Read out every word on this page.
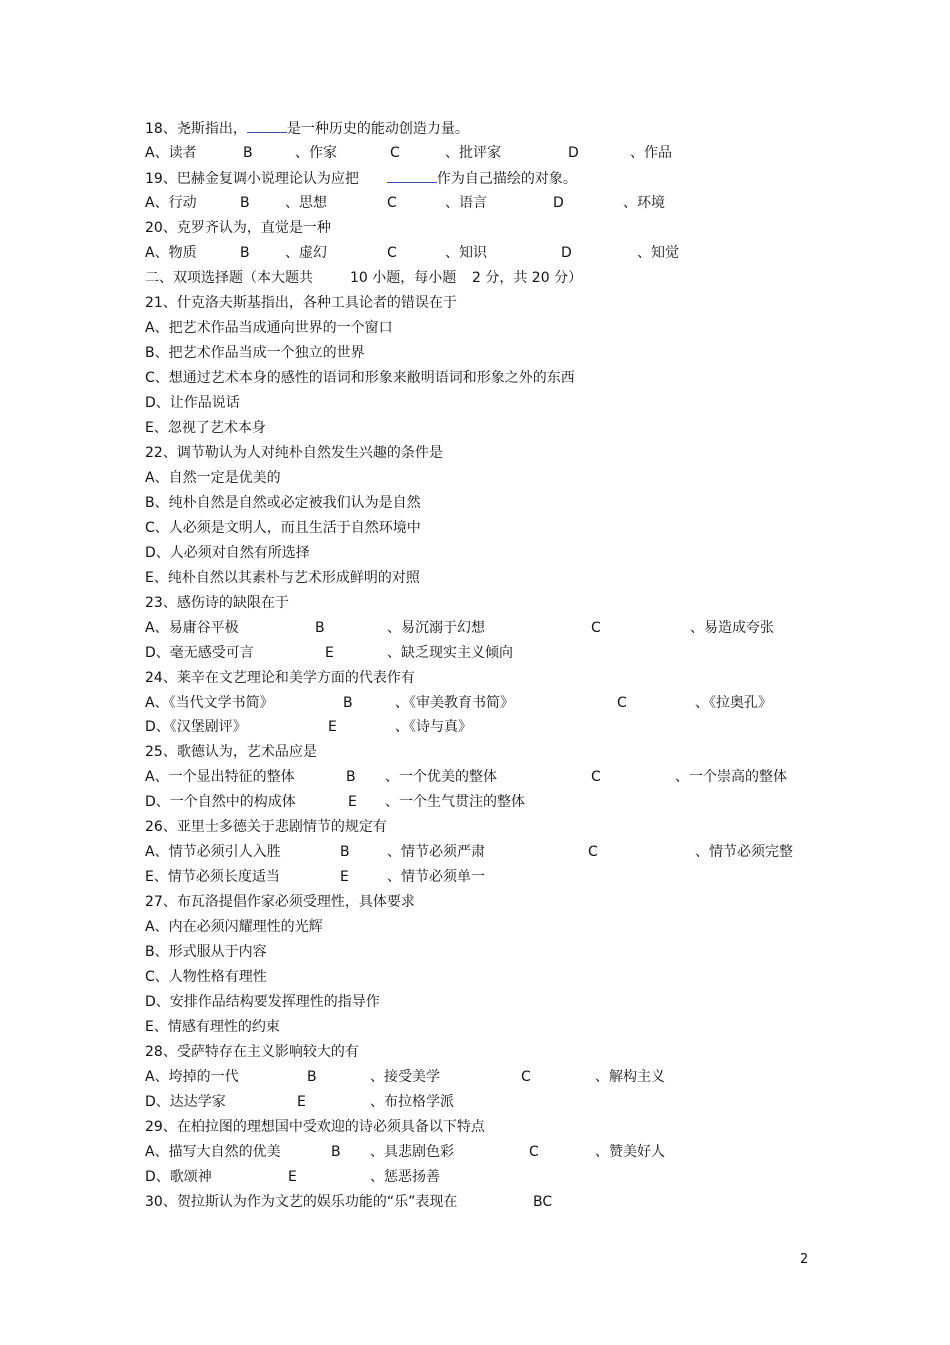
18、尧斯指出，	是一种历史的能动创造力量。
A、读者	B	、作家	C	、批评家	D	、作品
19、巴赫金复调小说理论认为应把	作为自己描绘的对象。
A、行动	B	、思想	C	、语言	D	、环境
20、克罗齐认为，直觉是一种
A、物质	B	、虚幻	C	、知识	D	、知觉
二、双项选择题（本大题共	10 小题，每小题 2 分，共 20 分）
21、什克洛夫斯基指出，各种工具论者的错误在于
A、把艺术作品当成通向世界的一个窗口
B、把艺术作品当成一个独立的世界
C、想通过艺术本身的感性的语词和形象来敝明语词和形象之外的东西
D、让作品说话
E、忽视了艺术本身
22、调节勒认为人对纯朴自然发生兴趣的条件是
A、自然一定是优美的
B、纯朴自然是自然或必定被我们认为是自然
C、人必须是文明人，而且生活于自然环境中
D、人必须对自然有所选择
E、纯朴自然以其素朴与艺术形成鲜明的对照
23、感伤诗的缺限在于
A、易庸谷平极	B	、易沉溺于幻想	C	、易造成夸张
D、毫无感受可言	E	、缺乏现实主义倾向
24、莱辛在文艺理论和美学方面的代表作有
A、《当代文学书简》	B	、《审美教育书简》	C	、《拉奥孔》
D、《汉堡剧评》	E	、《诗与真》
25、歌德认为，艺术品应是
A、一个显出特征的整体	B 、一个优美的整体	C	、一个崇高的整体
D、一个自然中的构成体	E 、一个生气贯注的整体
26、亚里士多德关于悲剧情节的规定有
A、情节必须引人入胜	B	、情节必须严肃	C	、情节必须完整
E、情节必须长度适当	E	、情节必须单一
27、布瓦洛提倡作家必须受理性，具体要求
A、内在必须闪耀理性的光辉
B、形式服从于内容
C、人物性格有理性
D、安排作品结构要发挥理性的指导作
E、情感有理性的约束
28、受萨特存在主义影响较大的有
A、垮掉的一代	B	、接受美学	C	、解构主义
D、达达学家	E	、布拉格学派
29、在柏拉图的理想国中受欢迎的诗必须具备以下特点
A、描写大自然的优美	B 、具悲剧色彩	C	、赞美好人
D、歌颂神	E	、惩恶扬善
30、贺拉斯认为作为文艺的娱乐功能的“乐”表现在	BC
2
